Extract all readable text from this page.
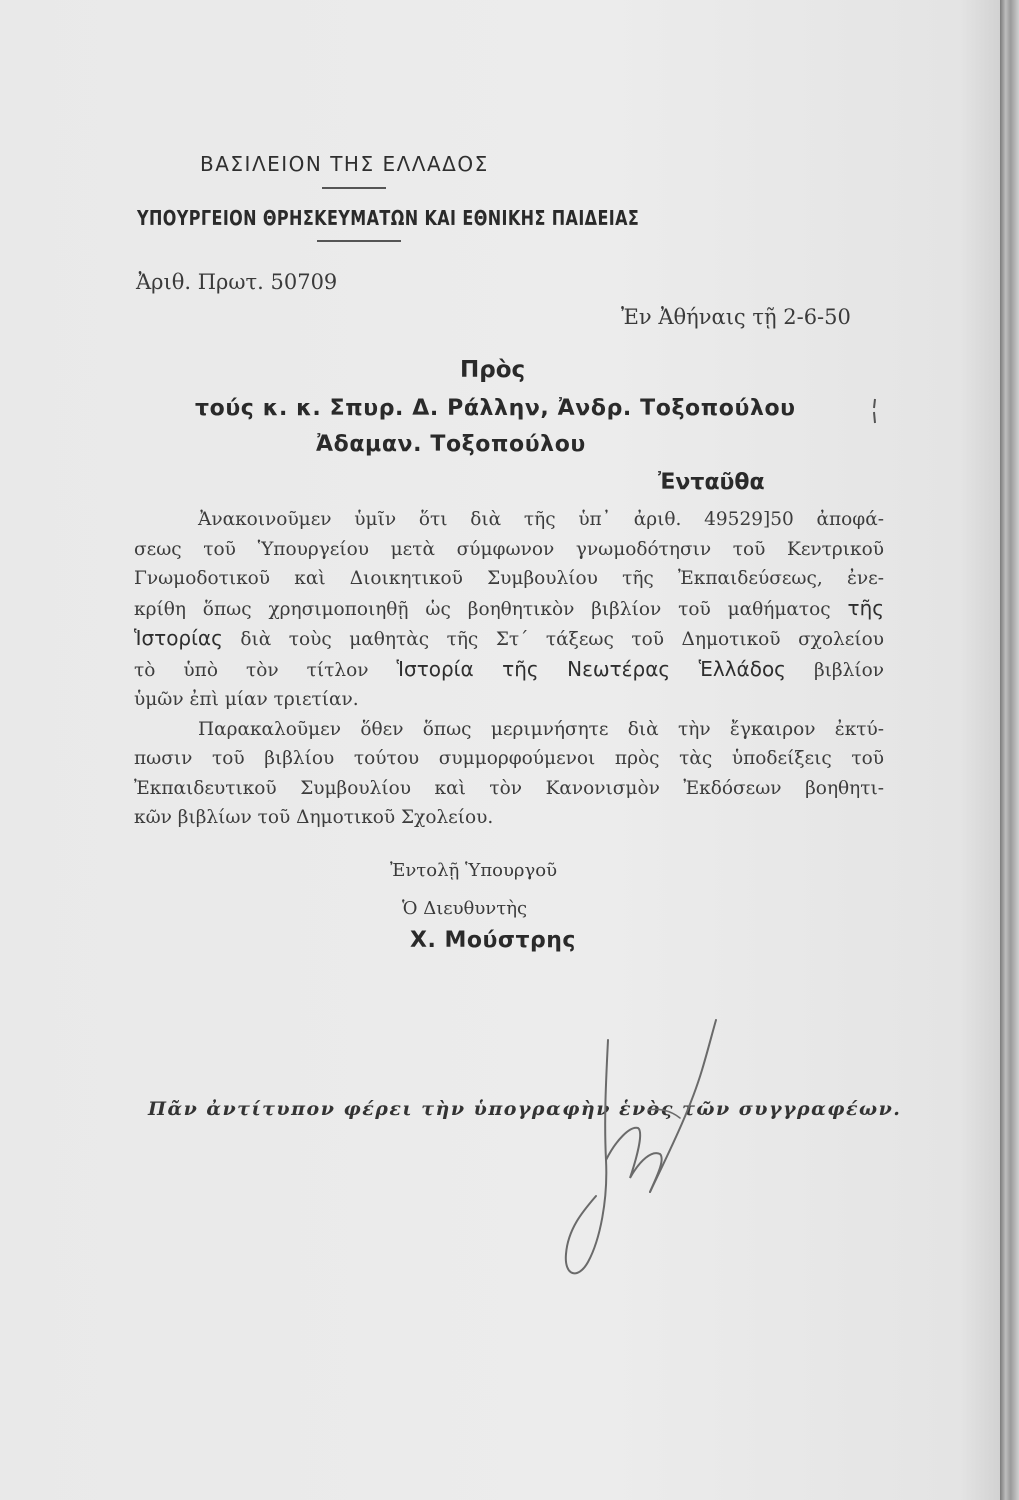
ΒΑΣΙΛΕΙΟΝ ΤΗΣ ΕΛΛΑΔΟΣ
ΥΠΟΥΡΓΕΙΟΝ ΘΡΗΣΚΕΥΜΑΤΩΝ ΚΑΙ ΕΘΝΙΚΗΣ ΠΑΙΔΕΙΑΣ
Ἀριθ. Πρωτ. 50709
Ἐν Ἀθήναις τῇ 2-6-50
Πρὸς
τούς κ. κ. Σπυρ. Δ. Ράλλην, Ἀνδρ. Τοξοπούλου
Ἀδαμαν. Τοξοπούλου
Ἐνταῦθα

Ἀνακοινοῦμεν ὑμῖν ὅτι διὰ τῆς ὑπ᾽ ἀριθ. 49529]50 ἀποφά-

σεως τοῦ Ὑπουργείου μετὰ σύμφωνον γνωμοδότησιν τοῦ Κεντρικοῦ

Γνωμοδοτικοῦ καὶ Διοικητικοῦ Συμβουλίου τῆς Ἐκπαιδεύσεως, ἐνε-

κρίθη ὅπως χρησιμοποιηθῇ ὡς βοηθητικὸν βιβλίον τοῦ μαθήματος τῆς

Ἱστορίας διὰ τοὺς μαθητὰς τῆς Στ΄ τάξεως τοῦ Δημοτικοῦ σχολείου

τὸ ὑπὸ τὸν τίτλον Ἱστορία τῆς Νεωτέρας Ἑλλάδος βιβλίον

ὑμῶν ἐπὶ μίαν τριετίαν.

Παρακαλοῦμεν ὅθεν ὅπως μεριμνήσητε διὰ τὴν ἔγκαιρον ἐκτύ-

πωσιν τοῦ βιβλίου τούτου συμμορφούμενοι πρὸς τὰς ὑποδείξεις τοῦ

Ἐκπαιδευτικοῦ Συμβουλίου καὶ τὸν Κανονισμὸν Ἐκδόσεων βοηθητι-

κῶν βιβλίων τοῦ Δημοτικοῦ Σχολείου.

Ἐντολῇ Ὑπουργοῦ
Ὁ Διευθυντὴς
Χ. Μούστρης
Πᾶν ἀντίτυπον φέρει τὴν ὑπογραφὴν ἑνὸς τῶν συγγραφέων.
